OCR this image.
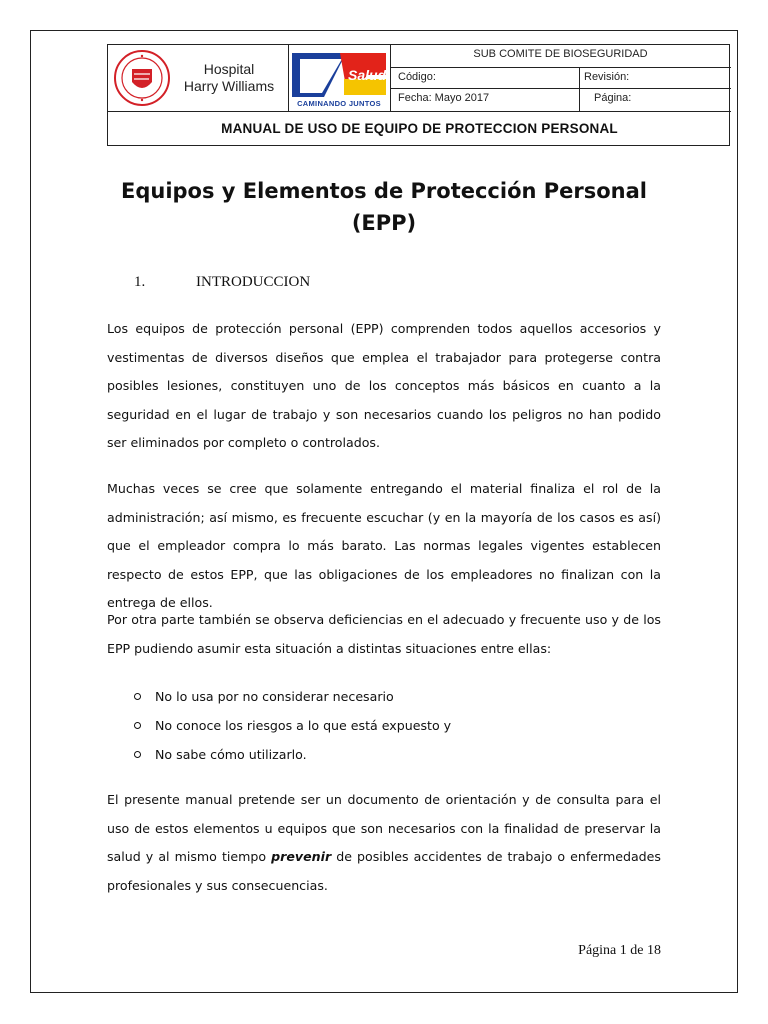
Hospital
Harry Williams
Salud
CAMINANDO JUNTOS
SUB COMITE DE BIOSEGURIDAD
Código:	Revisión:
Fecha: Mayo 2017	Página:
MANUAL DE USO DE EQUIPO DE PROTECCION PERSONAL
Equipos y Elementos de Protección Personal
(EPP)
1.	INTRODUCCION
Los equipos de protección personal (EPP) comprenden todos aquellos accesorios y vestimentas de diversos diseños que emplea el trabajador para protegerse contra posibles lesiones, constituyen uno de los conceptos más básicos en cuanto a la seguridad en el lugar de trabajo y son necesarios cuando los peligros no han podido ser eliminados por completo o controlados.
Muchas veces se cree que solamente entregando el material finaliza el rol de la administración; así mismo, es frecuente escuchar (y en la mayoría de los casos es así) que el empleador compra lo más barato. Las normas legales vigentes establecen respecto de estos EPP, que las obligaciones de los empleadores no finalizan con la entrega de ellos.
Por otra parte también se observa deficiencias en el adecuado y frecuente uso y de los EPP pudiendo asumir esta situación a distintas situaciones entre ellas:
No lo usa por no considerar necesario
No conoce los riesgos a lo que está expuesto y
No sabe cómo utilizarlo.
El presente manual pretende ser un documento de orientación y de consulta para el uso de estos elementos u equipos que son necesarios con la finalidad de preservar la salud y al mismo tiempo prevenir de posibles accidentes de trabajo o enfermedades profesionales y sus consecuencias.
Página 1 de 18
